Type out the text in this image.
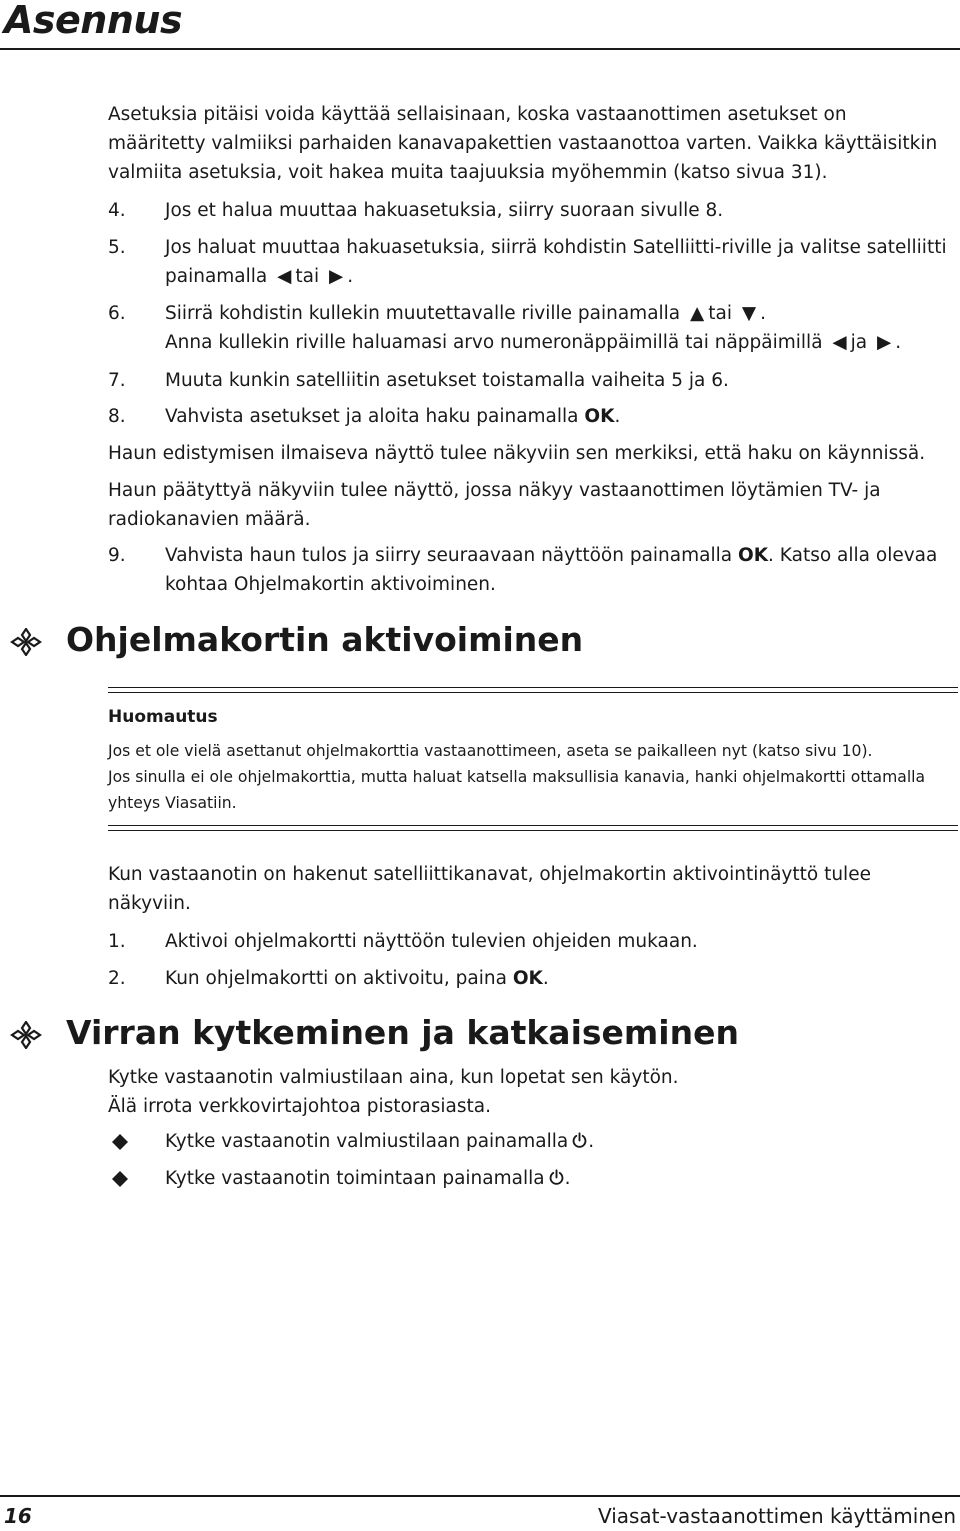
Asennus

Asetuksia pitäisi voida käyttää sellaisinaan, koska vastaanottimen asetukset on määritetty valmiiksi parhaiden kanavapakettien vastaanottoa varten. Vaikka käyttäisitkin valmiita asetuksia, voit hakea muita taajuuksia myöhemmin (katso sivua 31).

4. Jos et halua muuttaa hakuasetuksia, siirry suoraan sivulle 8.
5. Jos haluat muuttaa hakuasetuksia, siirrä kohdistin Satelliitti-riville ja valitse satelliitti painamalla ◀ tai ▶ .
6. Siirrä kohdistin kullekin muutettavalle riville painamalla ▲ tai ▼ .
Anna kullekin riville haluamasi arvo numeronäppäimillä tai näppäimillä ◀ ja ▶ .
7. Muuta kunkin satelliitin asetukset toistamalla vaiheita 5 ja 6.
8. Vahvista asetukset ja aloita haku painamalla OK.

Haun edistymisen ilmaiseva näyttö tulee näkyviin sen merkiksi, että haku on käynnissä.

Haun päätyttyä näkyviin tulee näyttö, jossa näkyy vastaanottimen löytämien TV- ja radiokanavien määrä.

9. Vahvista haun tulos ja siirry seuraavaan näyttöön painamalla OK. Katso alla olevaa kohtaa Ohjelmakortin aktivoiminen.
Ohjelmakortin aktivoiminen
Huomautus

Jos et ole vielä asettanut ohjelmakorttia vastaanottimeen, aseta se paikalleen nyt (katso sivu 10).
Jos sinulla ei ole ohjelmakorttia, mutta haluat katsella maksullisia kanavia, hanki ohjelmakortti ottamalla yhteys Viasatiin.

Kun vastaanotin on hakenut satelliittikanavat, ohjelmakortin aktivointinäyttö tulee näkyviin.

1. Aktivoi ohjelmakortti näyttöön tulevien ohjeiden mukaan.
2. Kun ohjelmakortti on aktivoitu, paina OK.
Virran kytkeminen ja katkaiseminen

Kytke vastaanotin valmiustilaan aina, kun lopetat sen käytön.
Älä irrota verkkovirtajohtoa pistorasiasta.

Kytke vastaanotin valmiustilaan painamalla .
Kytke vastaanotin toimintaan painamalla .
16	Viasat-vastaanottimen käyttäminen
